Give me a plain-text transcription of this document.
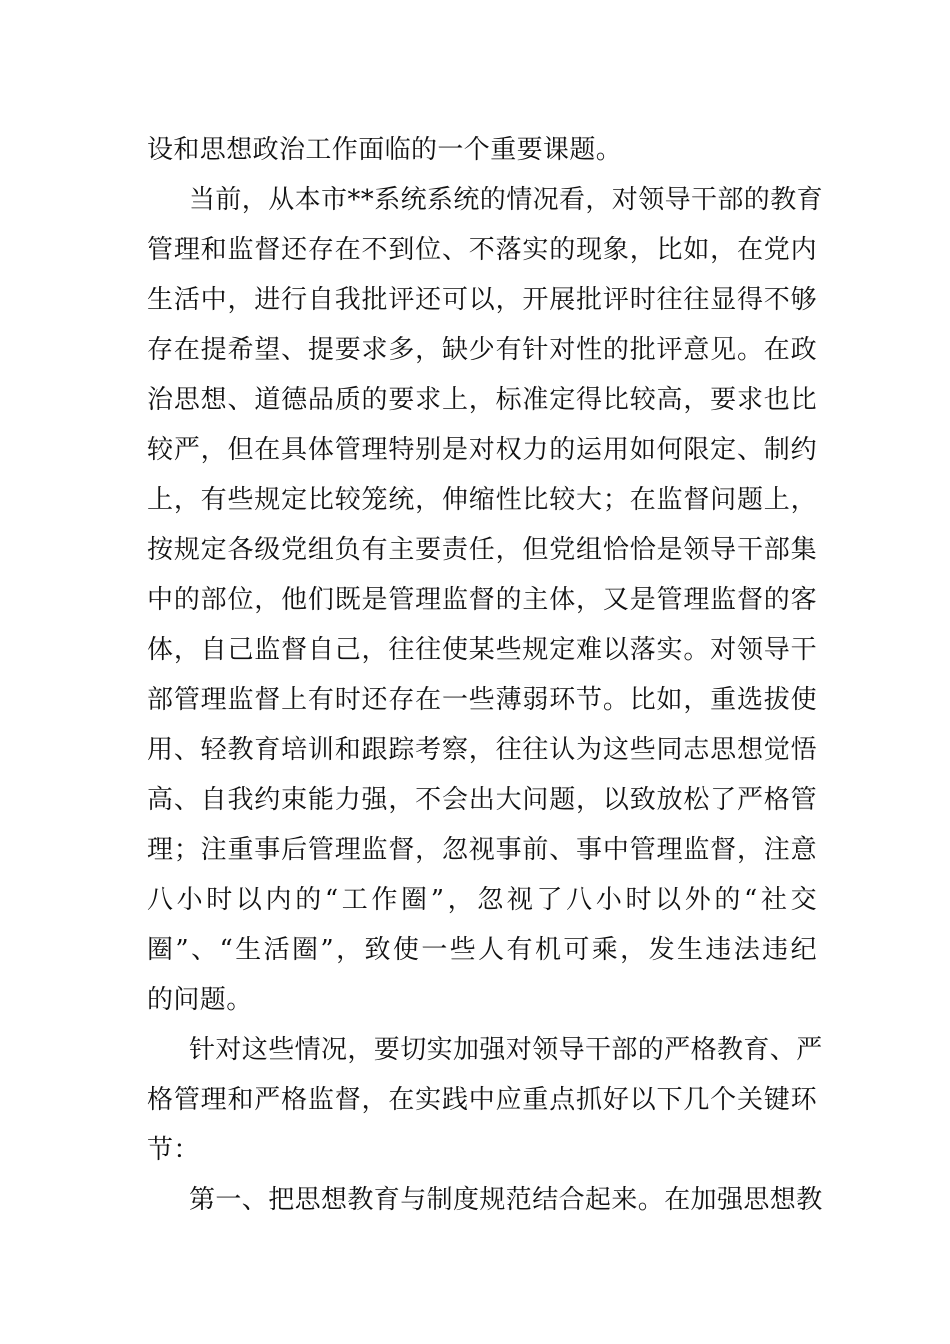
设和思想政治工作面临的一个重要课题。
当前，从本市**系统系统的情况看，对领导干部的教育
管理和监督还存在不到位、不落实的现象，比如，在党内
生活中，进行自我批评还可以，开展批评时往往显得不够
存在提希望、提要求多，缺少有针对性的批评意见。在政
治思想、道德品质的要求上，标准定得比较高，要求也比
较严，但在具体管理特别是对权力的运用如何限定、制约
上，有些规定比较笼统，伸缩性比较大；在监督问题上，
按规定各级党组负有主要责任，但党组恰恰是领导干部集
中的部位，他们既是管理监督的主体，又是管理监督的客
体，自己监督自己，往往使某些规定难以落实。对领导干
部管理监督上有时还存在一些薄弱环节。比如，重选拔使
用、轻教育培训和跟踪考察，往往认为这些同志思想觉悟
高、自我约束能力强，不会出大问题，以致放松了严格管
理；注重事后管理监督，忽视事前、事中管理监督，注意
八小时以内的“工作圈”，忽视了八小时以外的“社交
圈”、“生活圈”，致使一些人有机可乘，发生违法违纪
的问题。
针对这些情况，要切实加强对领导干部的严格教育、严
格管理和严格监督，在实践中应重点抓好以下几个关键环
节：
第一、把思想教育与制度规范结合起来。在加强思想教
